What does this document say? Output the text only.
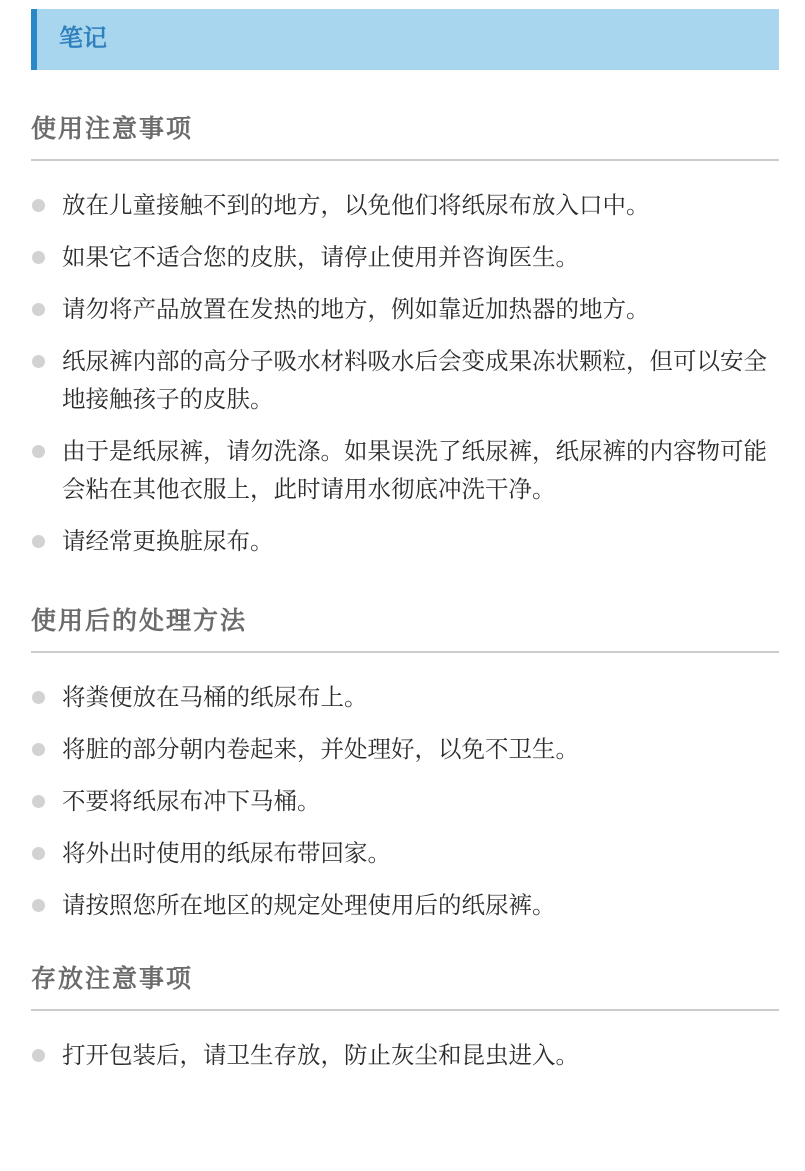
笔记
使用注意事项
放在儿童接触不到的地方，以免他们将纸尿布放入口中。
如果它不适合您的皮肤，请停止使用并咨询医生。
请勿将产品放置在发热的地方，例如靠近加热器的地方。
纸尿裤内部的高分子吸水材料吸水后会变成果冻状颗粒，但可以安全地接触孩子的皮肤。
由于是纸尿裤，请勿洗涤。如果误洗了纸尿裤，纸尿裤的内容物可能会粘在其他衣服上，此时请用水彻底冲洗干净。
请经常更换脏尿布。
使用后的处理方法
将粪便放在马桶的纸尿布上。
将脏的部分朝内卷起来，并处理好，以免不卫生。
不要将纸尿布冲下马桶。
将外出时使用的纸尿布带回家。
请按照您所在地区的规定处理使用后的纸尿裤。
存放注意事项
打开包装后，请卫生存放，防止灰尘和昆虫进入。
